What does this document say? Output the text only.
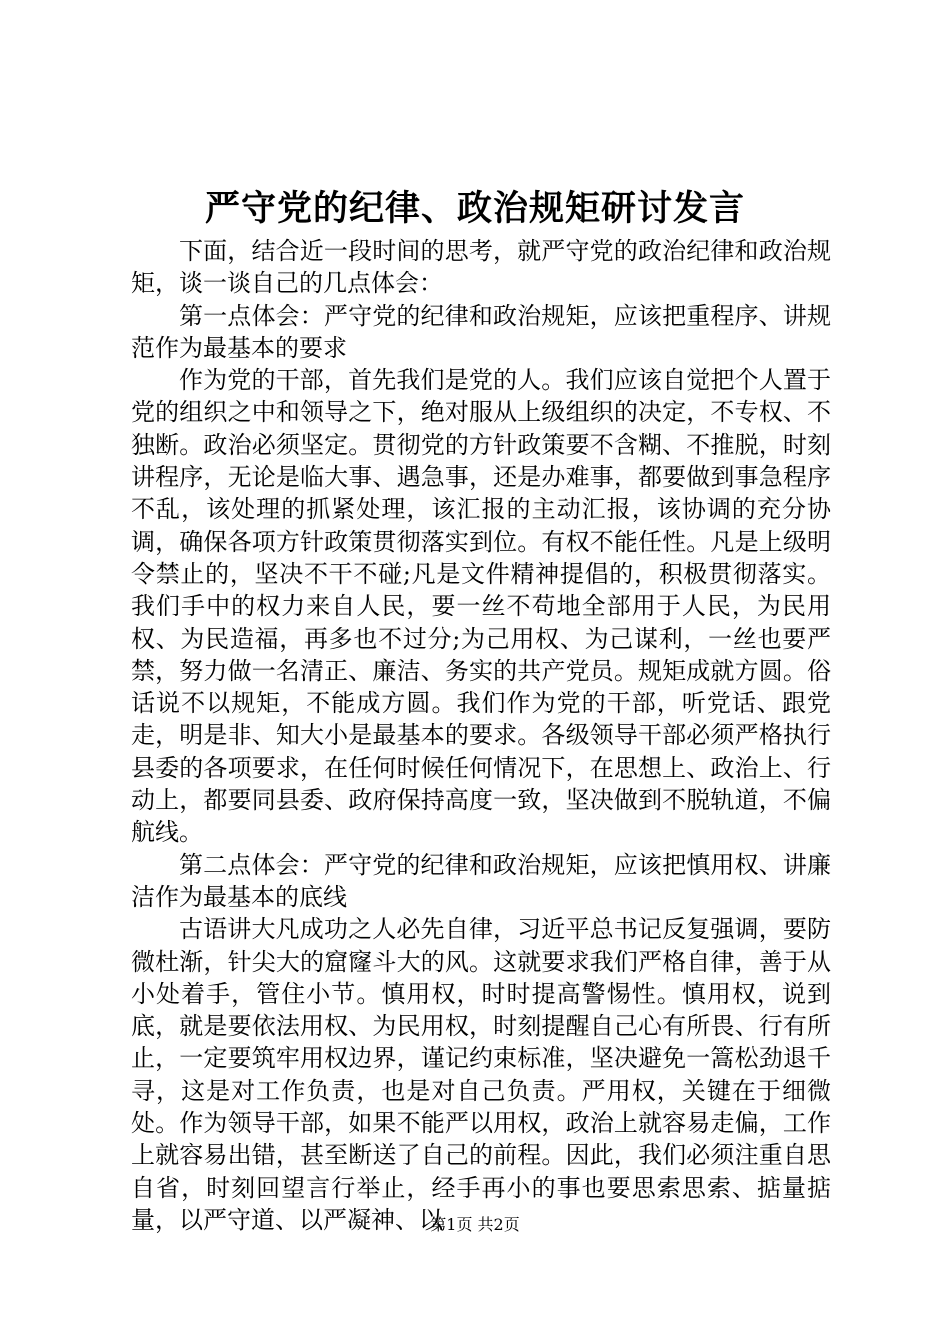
严守党的纪律、政治规矩研讨发言

下面，结合近一段时间的思考，就严守党的政治纪律和政治规矩，谈一谈自己的几点体会：

第一点体会：严守党的纪律和政治规矩，应该把重程序、讲规范作为最基本的要求

作为党的干部，首先我们是党的人。我们应该自觉把个人置于党的组织之中和领导之下，绝对服从上级组织的决定，不专权、不独断。政治必须坚定。贯彻党的方针政策要不含糊、不推脱，时刻讲程序，无论是临大事、遇急事，还是办难事，都要做到事急程序不乱，该处理的抓紧处理，该汇报的主动汇报，该协调的充分协调，确保各项方针政策贯彻落实到位。有权不能任性。凡是上级明令禁止的，坚决不干不碰;凡是文件精神提倡的，积极贯彻落实。我们手中的权力来自人民，要一丝不苟地全部用于人民，为民用权、为民造福，再多也不过分;为己用权、为己谋利，一丝也要严禁，努力做一名清正、廉洁、务实的共产党员。规矩成就方圆。俗话说不以规矩，不能成方圆。我们作为党的干部，听党话、跟党走，明是非、知大小是最基本的要求。各级领导干部必须严格执行县委的各项要求，在任何时候任何情况下，在思想上、政治上、行动上，都要同县委、政府保持高度一致，坚决做到不脱轨道，不偏航线。

第二点体会：严守党的纪律和政治规矩，应该把慎用权、讲廉洁作为最基本的底线

古语讲大凡成功之人必先自律，习近平总书记反复强调，要防微杜渐，针尖大的窟窿斗大的风。这就要求我们严格自律，善于从小处着手，管住小节。慎用权，时时提高警惕性。慎用权，说到底，就是要依法用权、为民用权，时刻提醒自己心有所畏、行有所止，一定要筑牢用权边界，谨记约束标准，坚决避免一篙松劲退千寻，这是对工作负责，也是对自己负责。严用权，关键在于细微处。作为领导干部，如果不能严以用权，政治上就容易走偏，工作上就容易出错，甚至断送了自己的前程。因此，我们必须注重自思自省，时刻回望言行举止，经手再小的事也要思索思索、掂量掂量，以严守道、以严凝神、以

第1页 共2页
